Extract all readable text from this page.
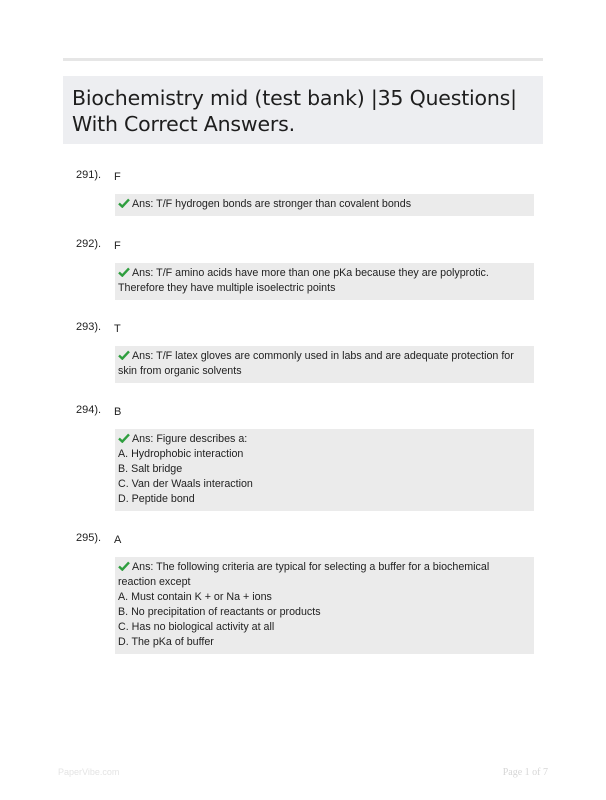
Biochemistry mid (test bank) |35 Questions| With Correct Answers.
291). F
Ans: T/F hydrogen bonds are stronger than covalent bonds
292). F
Ans: T/F amino acids have more than one pKa because they are polyprotic.
Therefore they have multiple isoelectric points
293). T
Ans: T/F latex gloves are commonly used in labs and are adequate protection for
skin from organic solvents
294). B
Ans: Figure describes a:
A. Hydrophobic interaction
B. Salt bridge
C. Van der Waals interaction
D. Peptide bond
295). A
Ans: The following criteria are typical for selecting a buffer for a biochemical
reaction except
A. Must contain K + or Na + ions
B. No precipitation of reactants or products
C. Has no biological activity at all
D. The pKa of buffer
PaperVibe.com	Page 1 of 7
